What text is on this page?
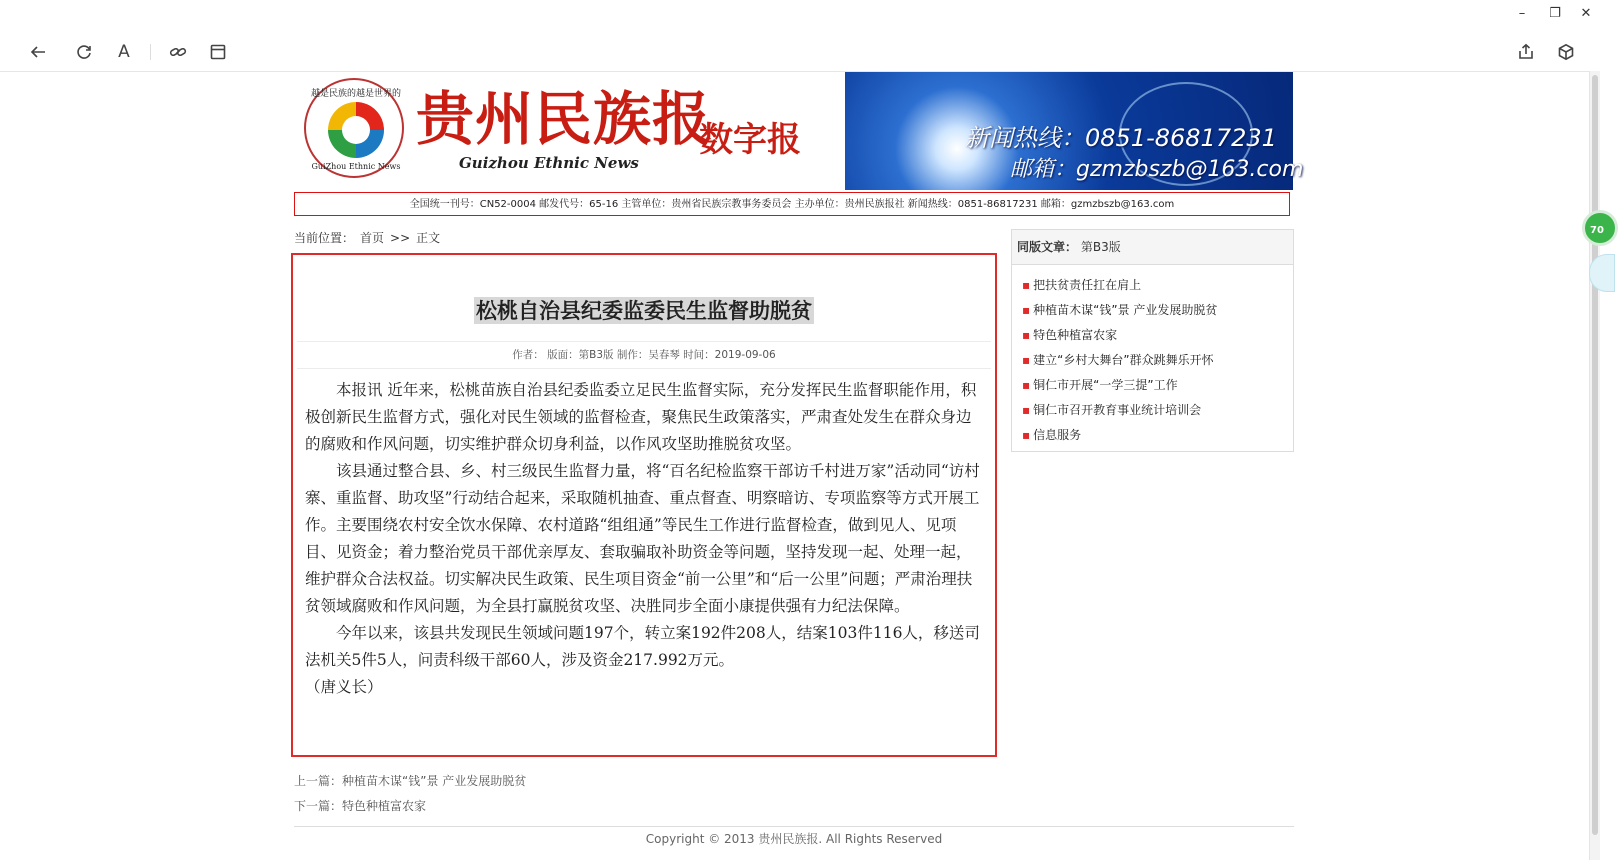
–	❐	✕
A
70
越是民族的越是世界的
GuiZhou Ethnic News
贵州民族报
Guizhou Ethnic News
数字报	新闻热线：0851-86817231
邮箱：gzmzbszb@163.com
全国统一刊号：CN52-0004 邮发代号：65-16 主管单位：贵州省民族宗教事务委员会 主办单位：贵州民族报社 新闻热线：0851-86817231 邮箱：gzmzbszb@163.com
当前位置： 首页 >> 正文
松桃自治县纪委监委民生监督助脱贫
作者： 版面：第B3版 制作：吴春琴 时间：2019-09-06

本报讯 近年来，松桃苗族自治县纪委监委立足民生监督实际，充分发挥民生监督职能作用，积极创新民生监督方式，强化对民生领域的监督检查，聚焦民生政策落实，严肃查处发生在群众身边的腐败和作风问题，切实维护群众切身利益，以作风攻坚助推脱贫攻坚。

该县通过整合县、乡、村三级民生监督力量，将“百名纪检监察干部访千村进万家”活动同“访村寨、重监督、助攻坚”行动结合起来，采取随机抽查、重点督查、明察暗访、专项监察等方式开展工作。主要围绕农村安全饮水保障、农村道路“组组通”等民生工作进行监督检查，做到见人、见项目、见资金；着力整治党员干部优亲厚友、套取骗取补助资金等问题，坚持发现一起、处理一起，维护群众合法权益。切实解决民生政策、民生项目资金“前一公里”和“后一公里”问题；严肃治理扶贫领域腐败和作风问题，为全县打赢脱贫攻坚、决胜同步全面小康提供强有力纪法保障。

今年以来，该县共发现民生领域问题197个，转立案192件208人，结案103件116人，移送司法机关5件5人，问责科级干部60人，涉及资金217.992万元。

（唐义长）

上一篇：种植苗木谋“钱”景 产业发展助脱贫
下一篇：特色种植富农家
同版文章： 第B3版
▪ 把扶贫责任扛在肩上
▪ 种植苗木谋“钱”景 产业发展助脱贫
▪ 特色种植富农家
▪ 建立“乡村大舞台”群众跳舞乐开怀
▪ 铜仁市开展“一学三提”工作
▪ 铜仁市召开教育事业统计培训会
▪ 信息服务
Copyright © 2013 贵州民族报. All Rights Reserved
